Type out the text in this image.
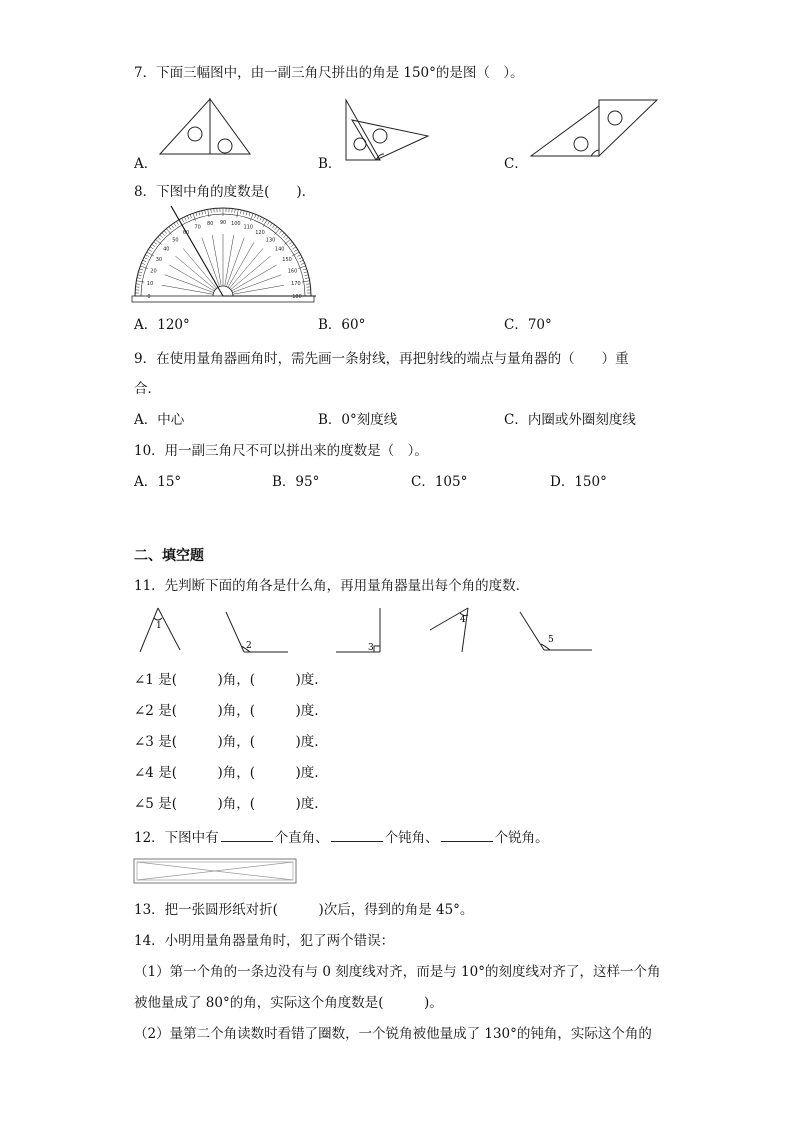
7．下面三幅图中，由一副三角尺拼出的角是 150°的是图（　）。
A．	B．	C．
8．下图中角的度数是(　　).
0
10
20
30
40
50
60
70
80 90 100
110
120
130
140
150
160
170
180
A．120°	B．60°	C．70°
9．在使用量角器画角时，需先画一条射线，再把射线的端点与量角器的（　　）重
合．
A．中心	B．0°刻度线	C．内圈或外圈刻度线
10．用一副三角尺不可以拼出来的度数是（　）。
A．15°	B．95°	C．105°	D．150°
二、填空题
11．先判断下面的角各是什么角，再用量角器量出每个角的度数．
1
2	3
4
5
∠1 是(　　　)角，(　　　)度.
∠2 是(　　　)角，(　　　)度.
∠3 是(　　　)角，(　　　)度.
∠4 是(　　　)角，(　　　)度.
∠5 是(　　　)角，(　　　)度.
12．下图中有	个直角、	个钝角、	个锐角。
13．把一张圆形纸对折(　　　)次后，得到的角是 45°。
14．小明用量角器量角时，犯了两个错误：
（1）第一个角的一条边没有与 0 刻度线对齐，而是与 10°的刻度线对齐了，这样一个角
被他量成了 80°的角，实际这个角度数是(　　　)。
（2）量第二个角读数时看错了圈数，一个锐角被他量成了 130°的钝角，实际这个角的
